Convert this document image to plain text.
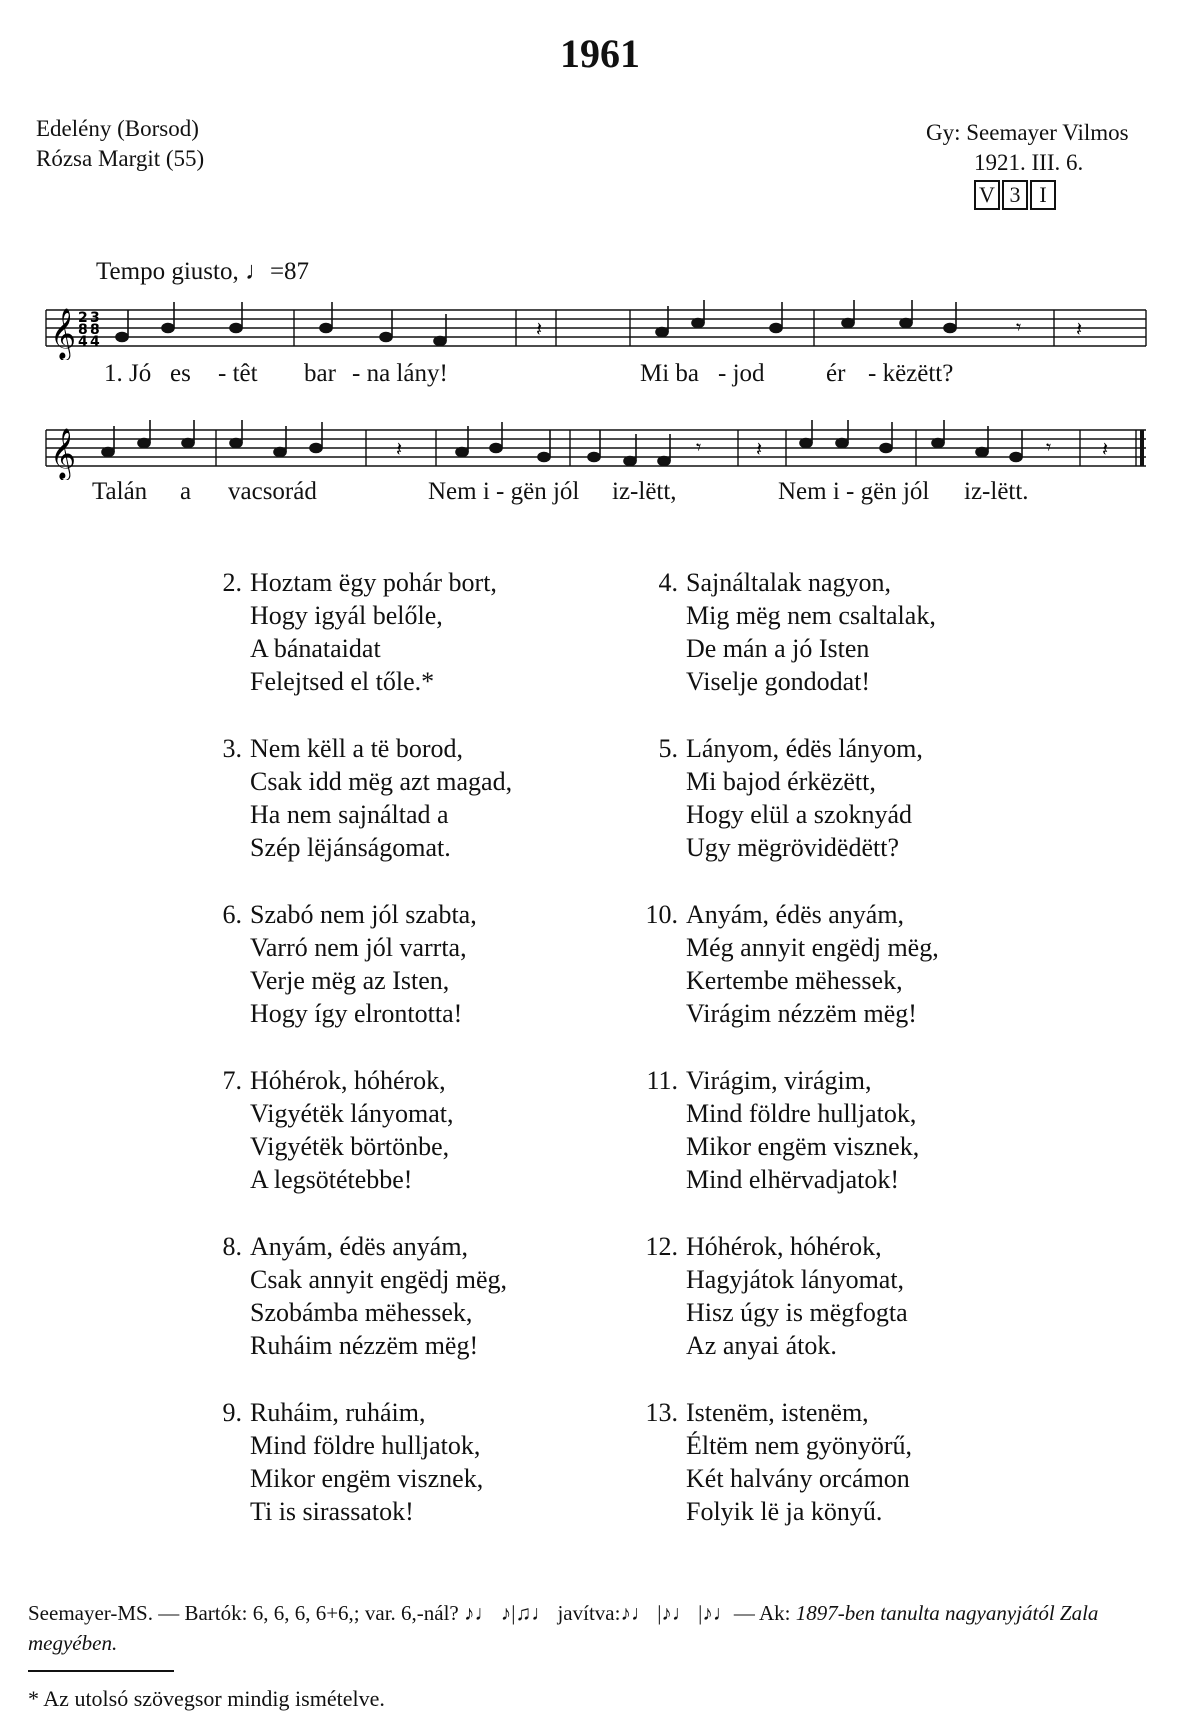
1961
Edelény (Borsod)
Rózsa Margit (55)
Gy: Seemayer Vilmos
1921. III. 6.
V 3 I
Tempo giusto, ♩=87
𝄞 2
8
4
3
8
4
𝄽	𝄽
𝄾
1. Jó es - têt bar - na lány!	Mi ba - jod ér - këzëtt?
𝄞	𝄽	𝄽	𝄽
𝄾	𝄾
Talán a vacsorád	Nem i - gën jól iz-lëtt,	Nem i - gën jól iz-lëtt.
2. Hoztam ëgy pohár bort,
Hogy igyál belőle,
A bánataidat
Felejtsed el tőle.*
3. Nem këll a të borod,
Csak idd mëg azt magad,
Ha nem sajnáltad a
Szép lëjánságomat.
6. Szabó nem jól szabta,
Varró nem jól varrta,
Verje mëg az Isten,
Hogy így elrontotta!
7. Hóhérok, hóhérok,
Vigyétëk lányomat,
Vigyétëk börtönbe,
A legsötétebbe!
8. Anyám, édës anyám,
Csak annyit engëdj mëg,
Szobámba mëhessek,
Ruháim nézzëm mëg!
9. Ruháim, ruháim,
Mind földre hulljatok,
Mikor engëm visznek,
Ti is sirassatok!
4. Sajnáltalak nagyon,
Mig mëg nem csaltalak,
De mán a jó Isten
Viselje gondodat!
5. Lányom, édës lányom,
Mi bajod érkëzëtt,
Hogy elül a szoknyád
Ugy mëgrövidëdëtt?
10. Anyám, édës anyám,
Még annyit engëdj mëg,
Kertembe mëhessek,
Virágim nézzëm mëg!
11. Virágim, virágim,
Mind földre hulljatok,
Mikor engëm visznek,
Mind elhërvadjatok!
12. Hóhérok, hóhérok,
Hagyjátok lányomat,
Hisz úgy is mëgfogta
Az anyai átok.
13. Istenëm, istenëm,
Éltëm nem gyönyörű,
Két halvány orcámon
Folyik lë ja könyű.
Seemayer-MS. — Bartók: 6, 6, 6, 6+6,; var. 6,-nál? ♪♩ ♪|♫♩ javítva:♪♩ |♪♩ |♪♩— Ak: 1897-ben tanulta nagyanyjától Zala megyében.
* Az utolsó szövegsor mindig ismételve.
